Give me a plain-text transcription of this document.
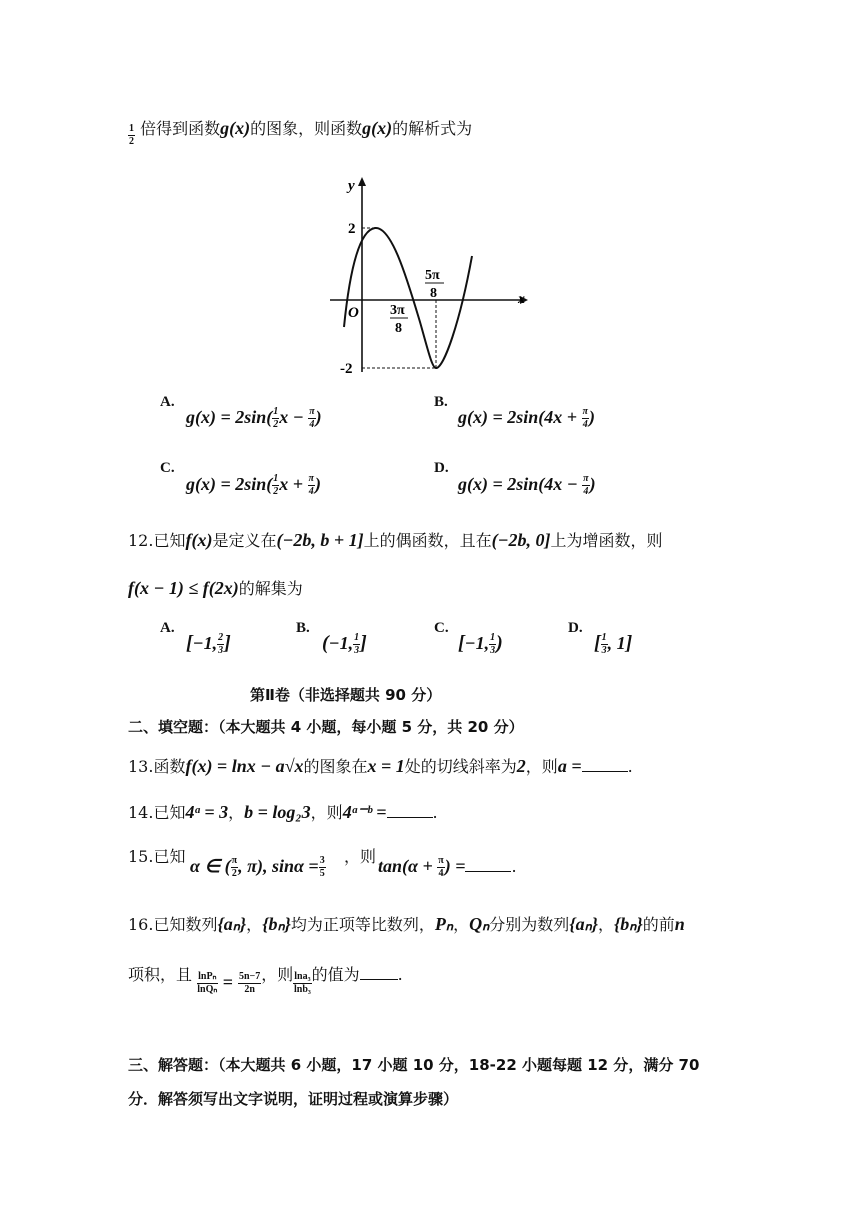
$\frac{1}{2}$ 倍得到函数g(x)的图象，则函数g(x)的解析式为
x
y
O
2
-2
3π
8
5π
8
A.
$g(x) = 2\sin( \frac{1}{2}$ $x - \frac{\pi}{4}$ )
B.
$g(x) = 2\sin(4x + \frac{\pi}{4}$ )
C.
$g(x) = 2\sin( \frac{1}{2}$ $x + \frac{\pi}{4}$ )
D.
$g(x) = 2\sin(4x - \frac{\pi}{4}$ )
12.已知f(x)是定义在(−2b, b + 1]上的偶函数，且在(−2b, 0]上为增函数，则
f(x − 1) ≤ f(2x)的解集为
A.
[−1, $\frac{2}{3}$ ]
B.
(−1, $\frac{1}{3}$ ]
C.
[−1, $\frac{1}{3}$ )
D.
[ $\frac{1}{3}$ , 1]
第Ⅱ卷（非选择题共 90 分）
二、填空题：（本大题共 4 小题，每小题 5 分，共 20 分）
13.函数f(x) = lnx − a√x的图象在x = 1处的切线斜率为2，则a =	.
14.已知4ᵃ = 3，b = log₂3，则4ᵃ⁻ᵇ =	.
15.已知 α ∈ ( $\frac{\pi}{2}$ , π), $\sin\alpha = \frac{3}{5}$ ，则 $\tan(\alpha + \frac{\pi}{4}$ ) =	.
16.已知数列{aₙ}，{bₙ}均为正项等比数列，Pₙ，Qₙ分别为数列{aₙ}，{bₙ}的前n
项积，且 $\frac{\text{lnPₙ}}{\text{lnQₙ}} = \frac{5n-7}{2n}$ ，则 $\frac{\text{lna₃}}{\text{lnb₃}}$ 的值为 .
三、解答题：（本大题共 6 小题，17 小题 10 分，18-22 小题每题 12 分，满分 70
分．解答须写出文字说明，证明过程或演算步骤）
